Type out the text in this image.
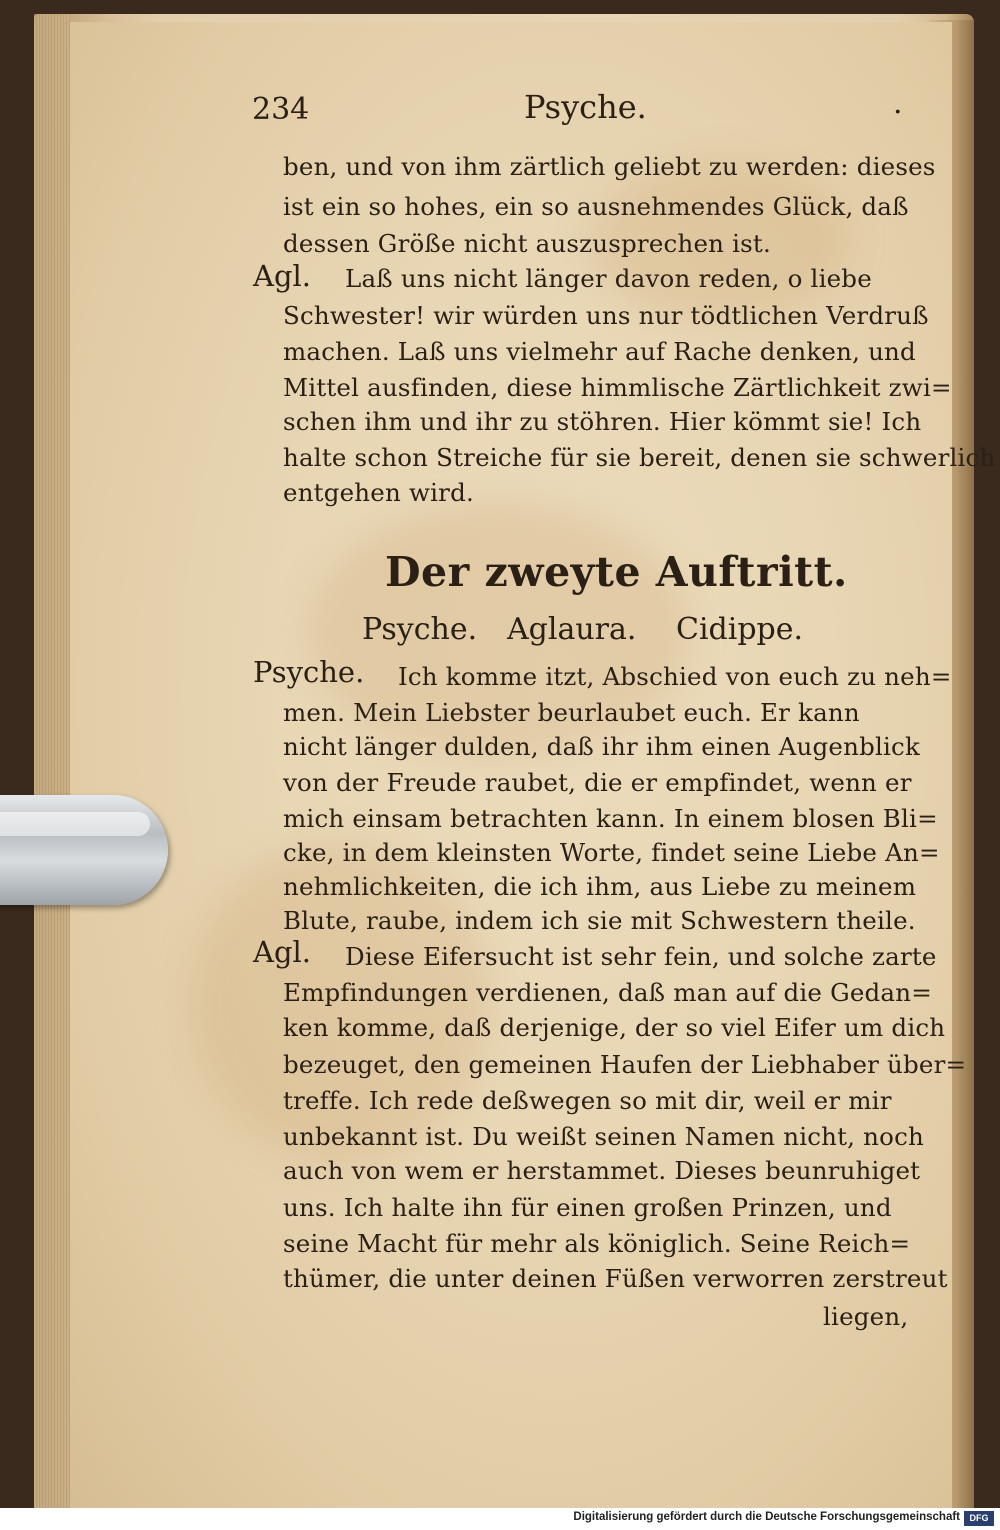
234	Psyche.	.
ben, und von ihm zärtlich geliebt zu werden: dieses
ist ein so hohes, ein so ausnehmendes Glück, daß
dessen Größe nicht auszusprechen ist.
Agl. Laß uns nicht länger davon reden, o liebe
Schwester! wir würden uns nur tödtlichen Verdruß
machen. Laß uns vielmehr auf Rache denken, und
Mittel ausfinden, diese himmlische Zärtlichkeit zwi=
schen ihm und ihr zu stöhren. Hier kömmt sie! Ich
halte schon Streiche für sie bereit, denen sie schwerlich
entgehen wird.
Der zweyte Auftritt.
Psyche. Aglaura. Cidippe.
Psyche. Ich komme itzt, Abschied von euch zu neh=
men. Mein Liebster beurlaubet euch. Er kann
nicht länger dulden, daß ihr ihm einen Augenblick
von der Freude raubet, die er empfindet, wenn er
mich einsam betrachten kann. In einem blosen Bli=
cke, in dem kleinsten Worte, findet seine Liebe An=
nehmlichkeiten, die ich ihm, aus Liebe zu meinem
Blute, raube, indem ich sie mit Schwestern theile.
Agl. Diese Eifersucht ist sehr fein, und solche zarte
Empfindungen verdienen, daß man auf die Gedan=
ken komme, daß derjenige, der so viel Eifer um dich
bezeuget, den gemeinen Haufen der Liebhaber über=
treffe. Ich rede deßwegen so mit dir, weil er mir
unbekannt ist. Du weißt seinen Namen nicht, noch
auch von wem er herstammet. Dieses beunruhiget
uns. Ich halte ihn für einen großen Prinzen, und
seine Macht für mehr als königlich. Seine Reich=
thümer, die unter deinen Füßen verworren zerstreut
liegen,
Digitalisierung gefördert durch die Deutsche Forschungsgemeinschaft	DFG
